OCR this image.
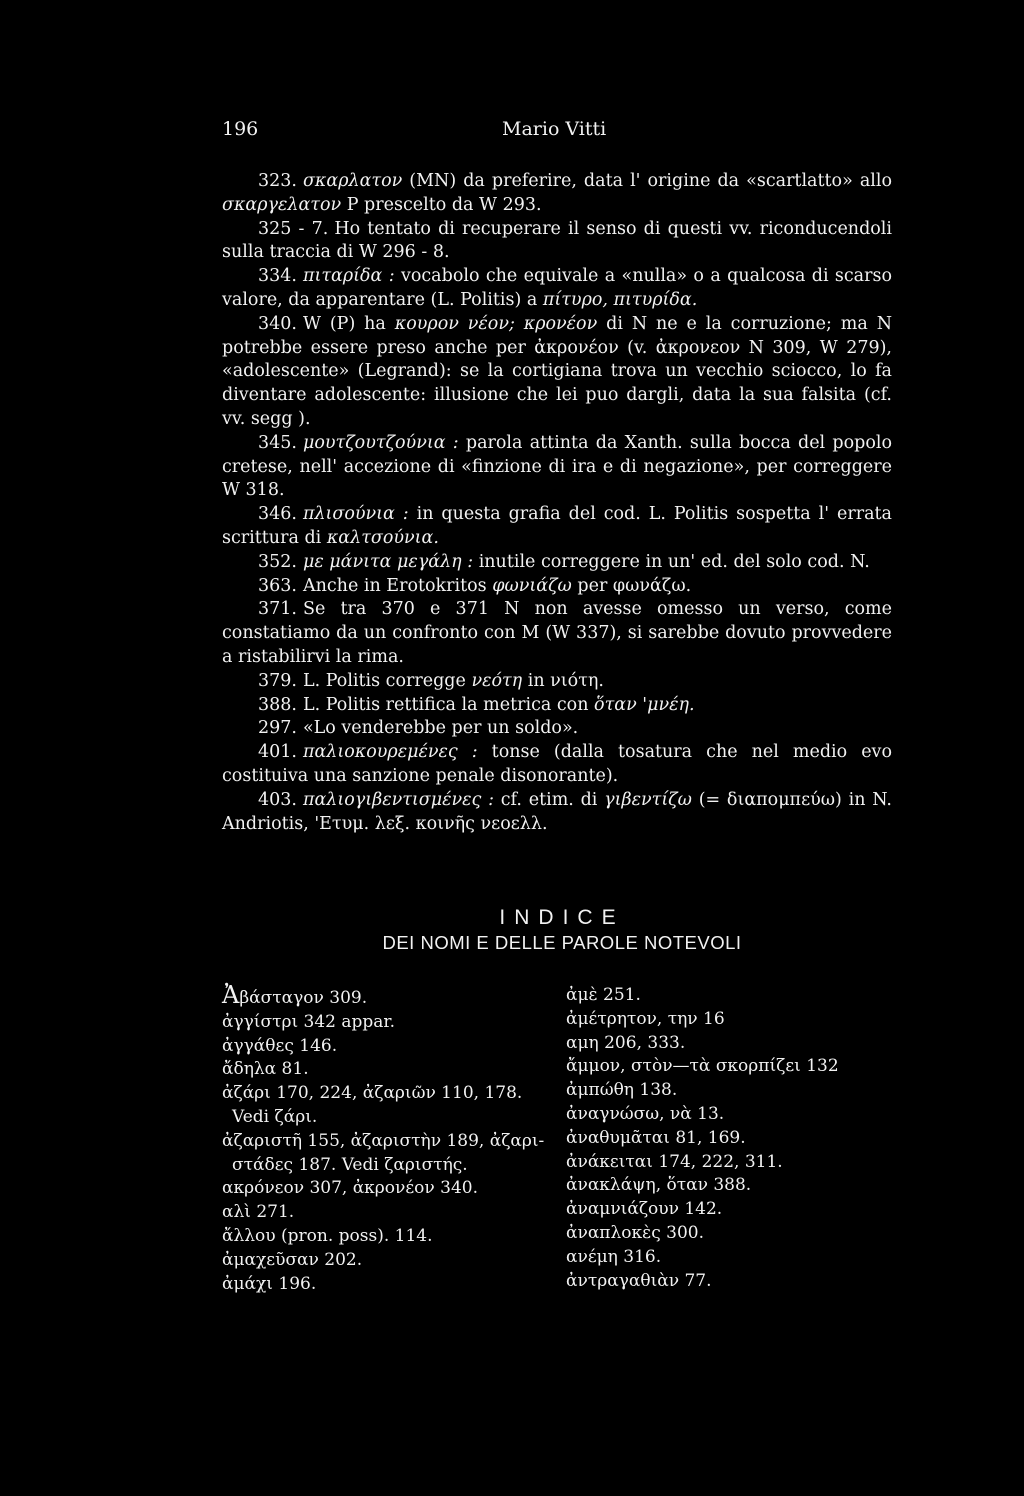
196	Mario Vitti

323. σκαρλατον (MN) da preferire, data l' origine da «scartlatto» allo σκαργελατον P prescelto da W 293.

325 - 7. Ho tentato di recuperare il senso di questi vv. riconducendoli sulla traccia di W 296 - 8.

334. πιταρίδα : vocabolo che equivale a «nulla» o a qualcosa di scarso valore, da apparentare (L. Politis) a πίτυρο, πιτυρίδα.

340. W (P) ha κουρον νέον; κρονέον di N ne e la corruzione; ma N potrebbe essere preso anche per ἀκρονέον (v. ἀκρονεον N 309, W 279), «adolescente» (Legrand): se la cortigiana trova un vecchio sciocco, lo fa diventare adolescente: illusione che lei puo dargli, data la sua falsita (cf. vv. segg ).

345. μουτζουτζούνια : parola attinta da Xanth. sulla bocca del popolo cretese, nell' accezione di «finzione di ira e di negazione», per correggere W 318.

346. πλισούνια : in questa grafia del cod. L. Politis sospetta l' errata scrittura di καλτσούνια.

352. με μάνιτα μεγάλη : inutile correggere in un' ed. del solo cod. N.

363. Anche in Erotokritos φωνιάζω per φωνάζω.

371. Se tra 370 e 371 N non avesse omesso un verso, come constatiamo da un confronto con M (W 337), si sarebbe dovuto provvedere a ristabilirvi la rima.

379. L. Politis corregge νεότη in νιότη.

388. L. Politis rettifica la metrica con ὅταν 'μνέη.

297. «Lo venderebbe per un soldo».

401. παλιοκουρεμένες : tonse (dalla tosatura che nel medio evo costituiva una sanzione penale disonorante).

403. παλιογιβεντισμένες : cf. etim. di γιβεντίζω (= διαπομπεύω) in N. Andriotis, 'Ετυμ. λεξ. κοινῆς νεοελλ.

INDICE
DEI NOMI E DELLE PAROLE NOTEVOLI
Ἀβάσταγον 309.
ἀγγίστρι 342 appar.
ἀγγάθες 146.
ἄδηλα 81.
ἀζάρι 170, 224, ἀζαριῶν 110, 178.
Vedi ζάρι.
ἀζαριστῆ 155, ἀζαριστὴν 189, ἀζαρι-
στάδες 187. Vedi ζαριστής.
ακρόνεον 307, ἀκρονέον 340.
αλὶ 271.
ἄλλου (pron. poss). 114.
ἀμαχεῦσαν 202.
ἀμάχι 196.
ἀμὲ 251.
ἀμέτρητον, την 16
αμη 206, 333.
ἄμμον, στὸν—τὰ σκορπίζει 132
ἀμπώθη 138.
ἀναγνώσω, νὰ 13.
ἀναθυμᾶται 81, 169.
ἀνάκειται 174, 222, 311.
ἀνακλάψη, ὅταν 388.
ἀναμνιάζουν 142.
ἀναπλοκὲς 300.
ανέμη 316.
ἀντραγαθιὰν 77.
